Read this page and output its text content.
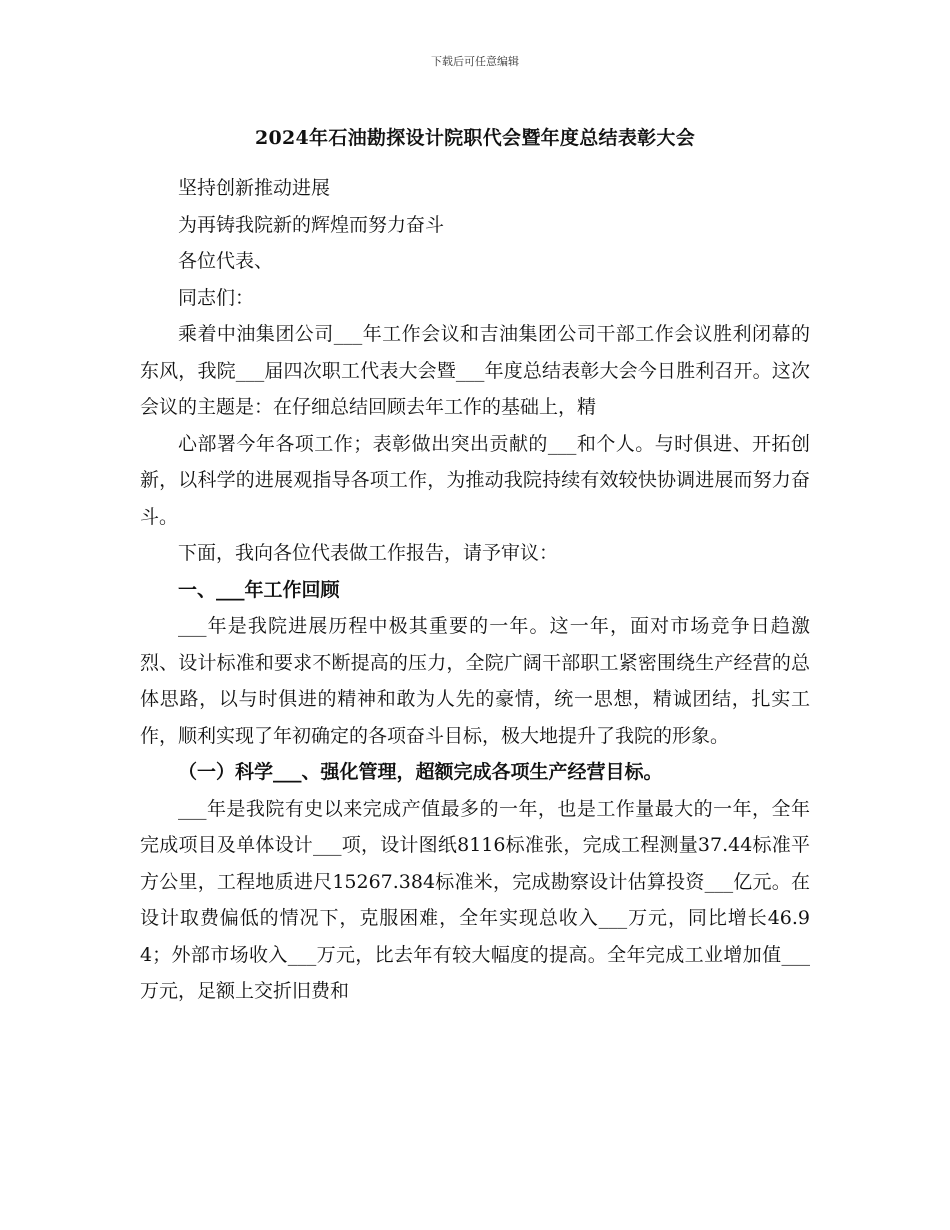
下载后可任意编辑
2024年石油勘探设计院职代会暨年度总结表彰大会

坚持创新推动进展

为再铸我院新的辉煌而努力奋斗

各位代表、

同志们：

乘着中油集团公司___年工作会议和吉油集团公司干部工作会议胜利闭幕的东风，我院___届四次职工代表大会暨___年度总结表彰大会今日胜利召开。这次会议的主题是：在仔细总结回顾去年工作的基础上，精

心部署今年各项工作；表彰做出突出贡献的___和个人。与时俱进、开拓创新，以科学的进展观指导各项工作，为推动我院持续有效较快协调进展而努力奋斗。

下面，我向各位代表做工作报告，请予审议：

一、___年工作回顾

___年是我院进展历程中极其重要的一年。这一年，面对市场竞争日趋激烈、设计标准和要求不断提高的压力，全院广阔干部职工紧密围绕生产经营的总体思路，以与时俱进的精神和敢为人先的豪情，统一思想，精诚团结，扎实工作，顺利实现了年初确定的各项奋斗目标，极大地提升了我院的形象。

（一）科学___、强化管理，超额完成各项生产经营目标。

___年是我院有史以来完成产值最多的一年，也是工作量最大的一年，全年完成项目及单体设计___项，设计图纸8116标准张，完成工程测量37.44标准平方公里，工程地质进尺15267.384标准米，完成勘察设计估算投资___亿元。在设计取费偏低的情况下，克服困难，全年实现总收入___万元，同比增长46.94；外部市场收入___万元，比去年有较大幅度的提高。全年完成工业增加值___万元，足额上交折旧费和
